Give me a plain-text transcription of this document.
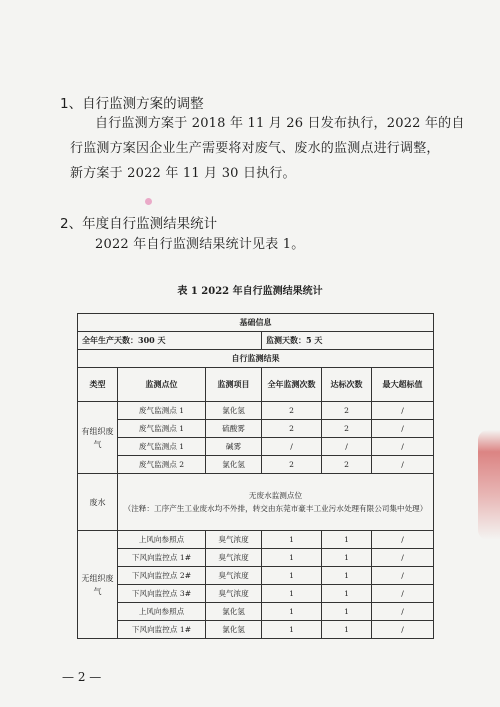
1、自行监测方案的调整
自行监测方案于 2018 年 11 月 26 日发布执行，2022 年的自
行监测方案因企业生产需要将对废气、废水的监测点进行调整，
新方案于 2022 年 11 月 30 日执行。
2、年度自行监测结果统计
2022 年自行监测结果统计见表 1。
表 1 2022 年自行监测结果统计
基础信息					
全年生产天数：300 天			监测天数：5 天		
自行监测结果					
类型	监测点位	监测项目	全年监测次数	达标次数	最大超标值
有组织废气	废气监测点 1	氯化氢	2	2	/
	废气监测点 1	硫酸雾	2	2	/
	废气监测点 1	碱雾	/	/	/
	废气监测点 2	氯化氢	2	2	/
废水	无废水监测点位
（注释：工序产生工业废水均不外排，转交由东莞市豪丰工业污水处理有限公司集中处理）				

无组织废气	上风向参照点	臭气浓度	1	1	/
	下风向监控点 1#	臭气浓度	1	1	/
	下风向监控点 2#	臭气浓度	1	1	/
	下风向监控点 3#	臭气浓度	1	1	/
	上风向参照点	氯化氢	1	1	/
	下风向监控点 1#	氯化氢	1	1	/
— 2 —
